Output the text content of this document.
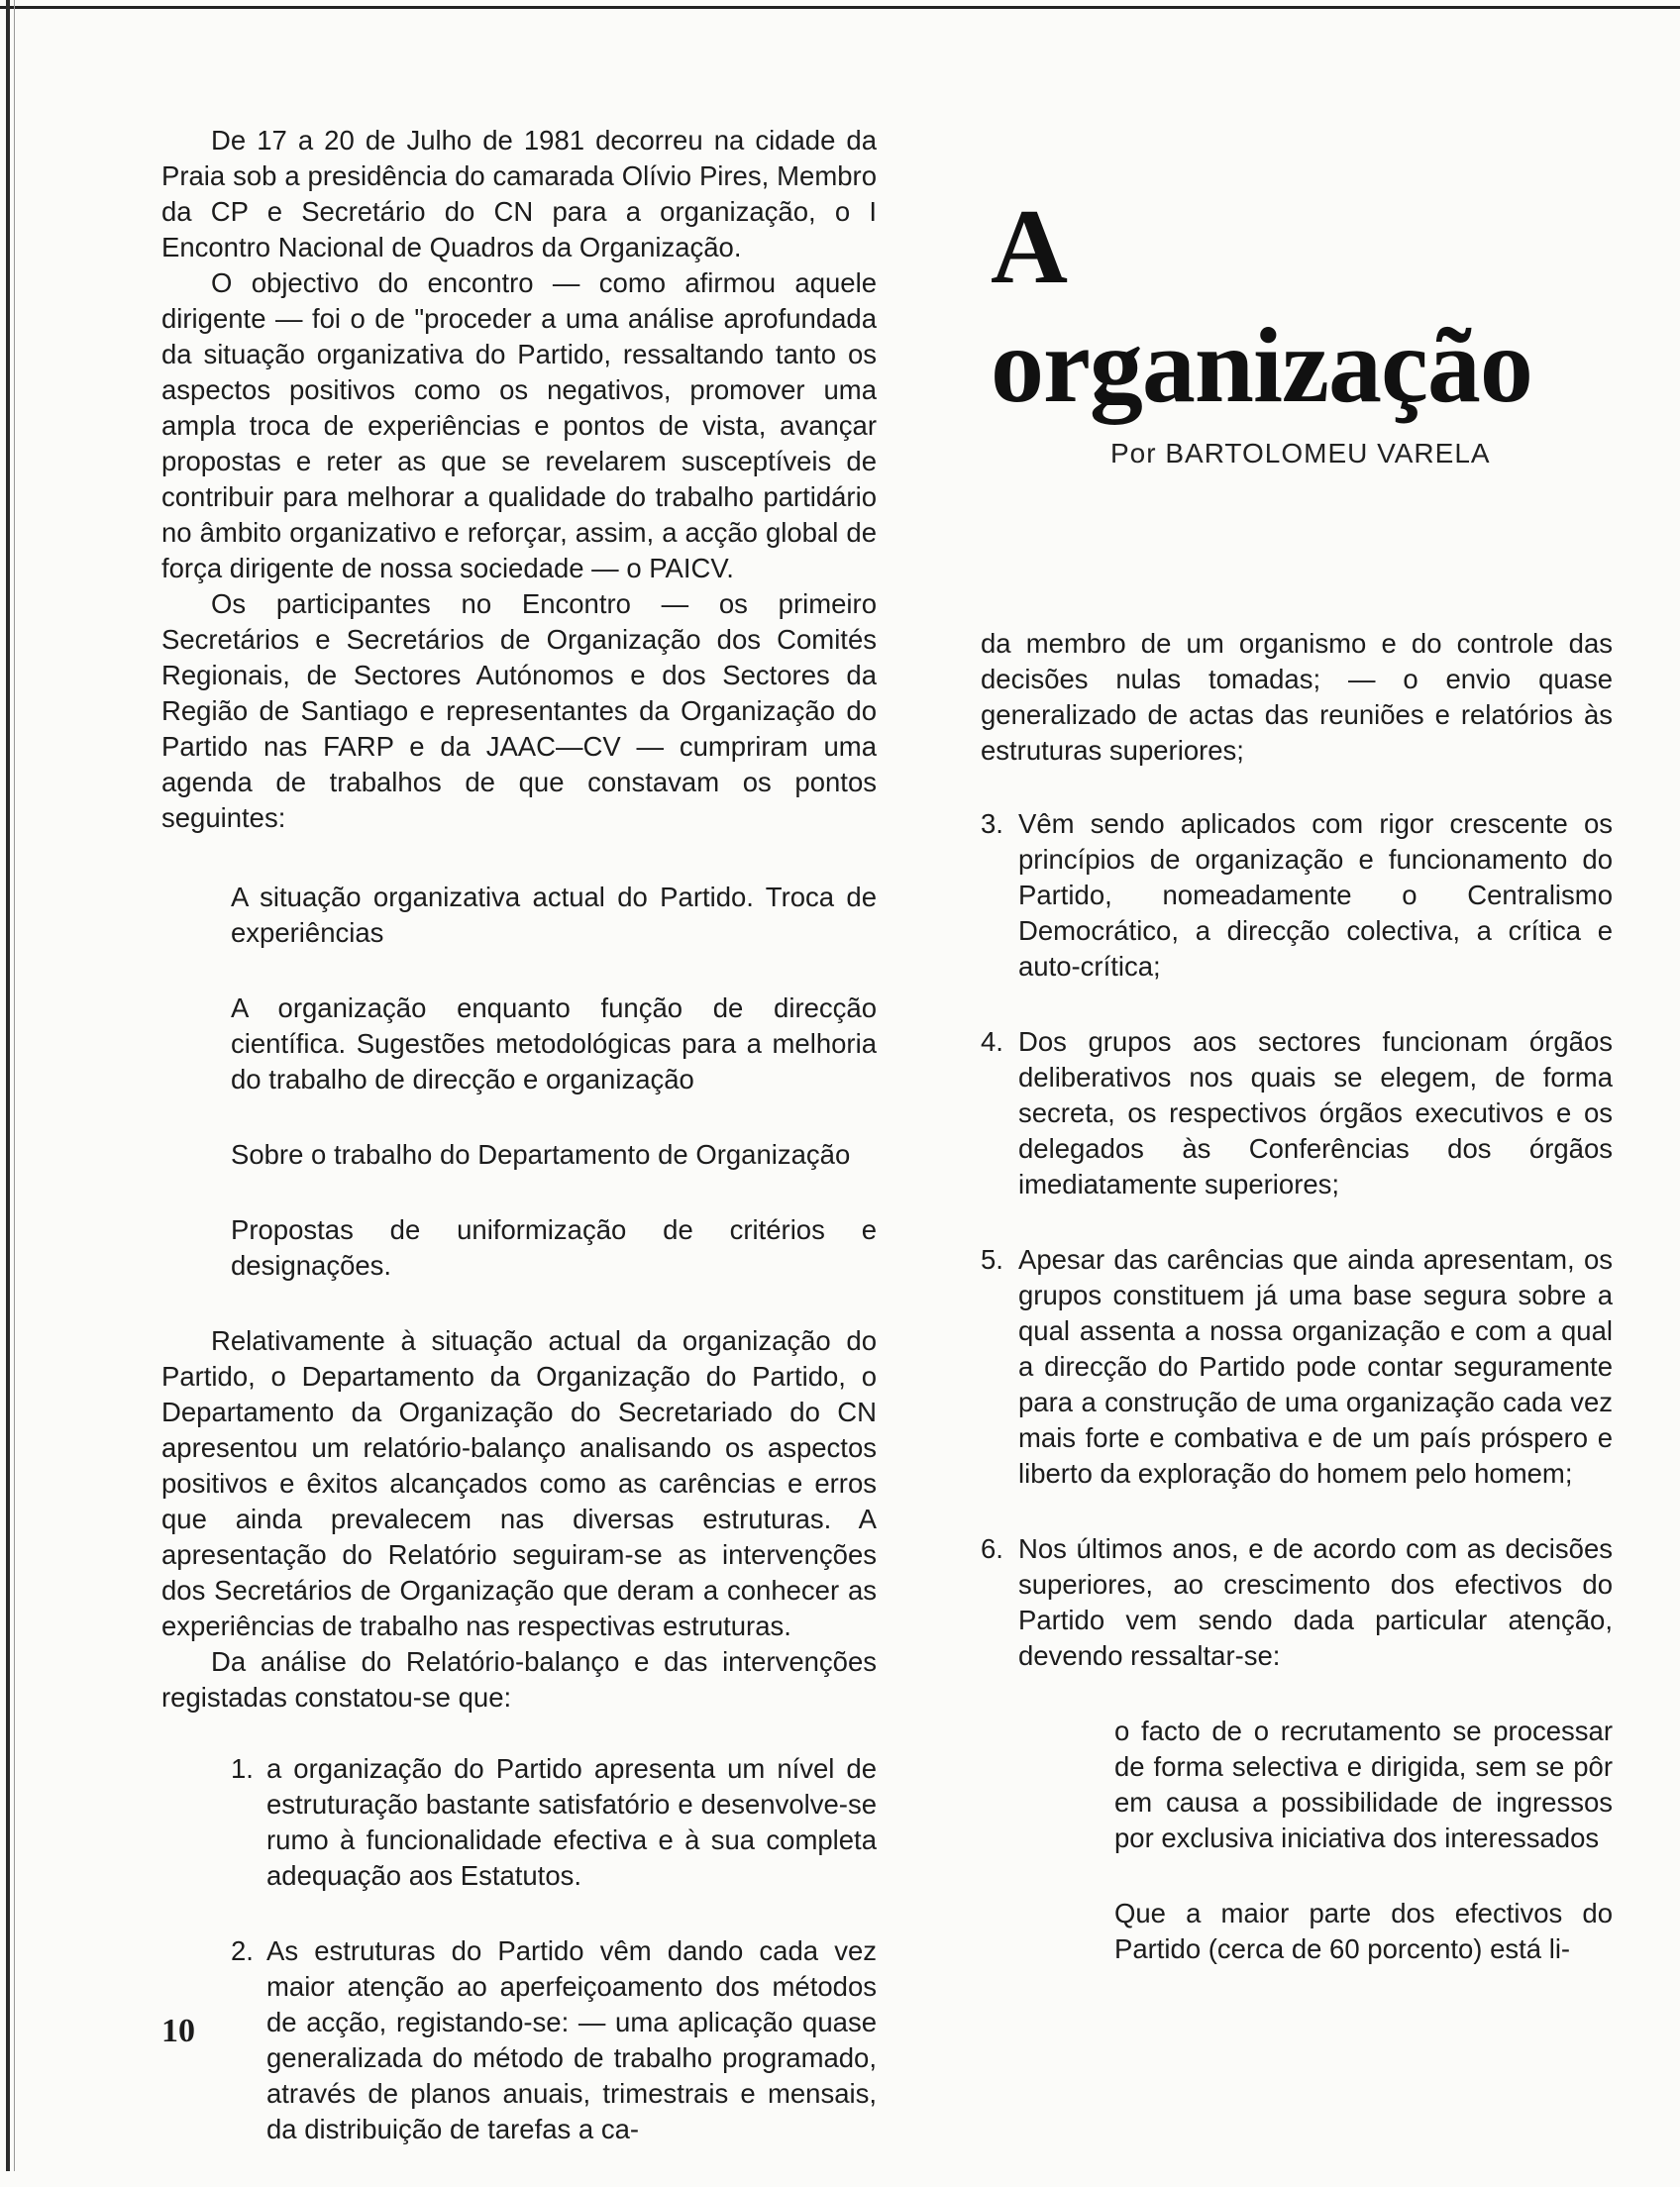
A organização
Por BARTOLOMEU VARELA

De 17 a 20 de Julho de 1981 decorreu na cidade da Praia sob a presidência do camarada Olívio Pires, Membro da CP e Secretário do CN para a organização, o I Encontro Nacional de Quadros da Organização.

O objectivo do encontro — como afirmou aquele dirigente — foi o de "proceder a uma análise aprofundada da situação organizativa do Partido, ressaltando tanto os aspectos positivos como os negativos, promover uma ampla troca de experiências e pontos de vista, avançar propostas e reter as que se revelarem susceptíveis de contribuir para melhorar a qualidade do trabalho partidário no âmbito organizativo e reforçar, assim, a acção global de força dirigente de nossa sociedade — o PAICV.

Os participantes no Encontro — os primeiro Secretários e Secretários de Organização dos Comités Regionais, de Sectores Autónomos e dos Sectores da Região de Santiago e representantes da Organização do Partido nas FARP e da JAAC—CV — cumpriram uma agenda de trabalhos de que constavam os pontos seguintes:

A situação organizativa actual do Partido. Troca de experiências

A organização enquanto função de direcção científica. Sugestões metodológicas para a melhoria do trabalho de direcção e organização

Sobre o trabalho do Departamento de Organização

Propostas de uniformização de critérios e designações.

Relativamente à situação actual da organização do Partido, o Departamento da Organização do Partido, o Departamento da Organização do Secretariado do CN apresentou um relatório-balanço analisando os aspectos positivos e êxitos alcançados como as carências e erros que ainda prevalecem nas diversas estruturas. A apresentação do Relatório seguiram-se as intervenções dos Secretários de Organização que deram a conhecer as experiências de trabalho nas respectivas estruturas.

Da análise do Relatório-balanço e das intervenções registadas constatou-se que:

1. a organização do Partido apresenta um nível de estruturação bastante satisfatório e desenvolve-se rumo à funcionalidade efectiva e à sua completa adequação aos Estatutos.
2. As estruturas do Partido vêm dando cada vez maior atenção ao aperfeiçoamento dos métodos de acção, registando-se: — uma aplicação quase generalizada do método de trabalho programado, através de planos anuais, trimestrais e mensais, da distribuição de tarefas a ca-

da membro de um organismo e do controle das decisões nulas tomadas; — o envio quase generalizado de actas das reuniões e relatórios às estruturas superiores;

3. Vêm sendo aplicados com rigor crescente os princípios de organização e funcionamento do Partido, nomeadamente o Centralismo Democrático, a direcção colectiva, a crítica e auto-crítica;
4. Dos grupos aos sectores funcionam órgãos deliberativos nos quais se elegem, de forma secreta, os respectivos órgãos executivos e os delegados às Conferências dos órgãos imediatamente superiores;
5. Apesar das carências que ainda apresentam, os grupos constituem já uma base segura sobre a qual assenta a nossa organização e com a qual a direcção do Partido pode contar seguramente para a construção de uma organização cada vez mais forte e combativa e de um país próspero e liberto da exploração do homem pelo homem;
6. Nos últimos anos, e de acordo com as decisões superiores, ao crescimento dos efectivos do Partido vem sendo dada particular atenção, devendo ressaltar-se:

o facto de o recrutamento se processar de forma selectiva e dirigida, sem se pôr em causa a possibilidade de ingressos por exclusiva iniciativa dos interessados

Que a maior parte dos efectivos do Partido (cerca de 60 porcento) está li-

10
